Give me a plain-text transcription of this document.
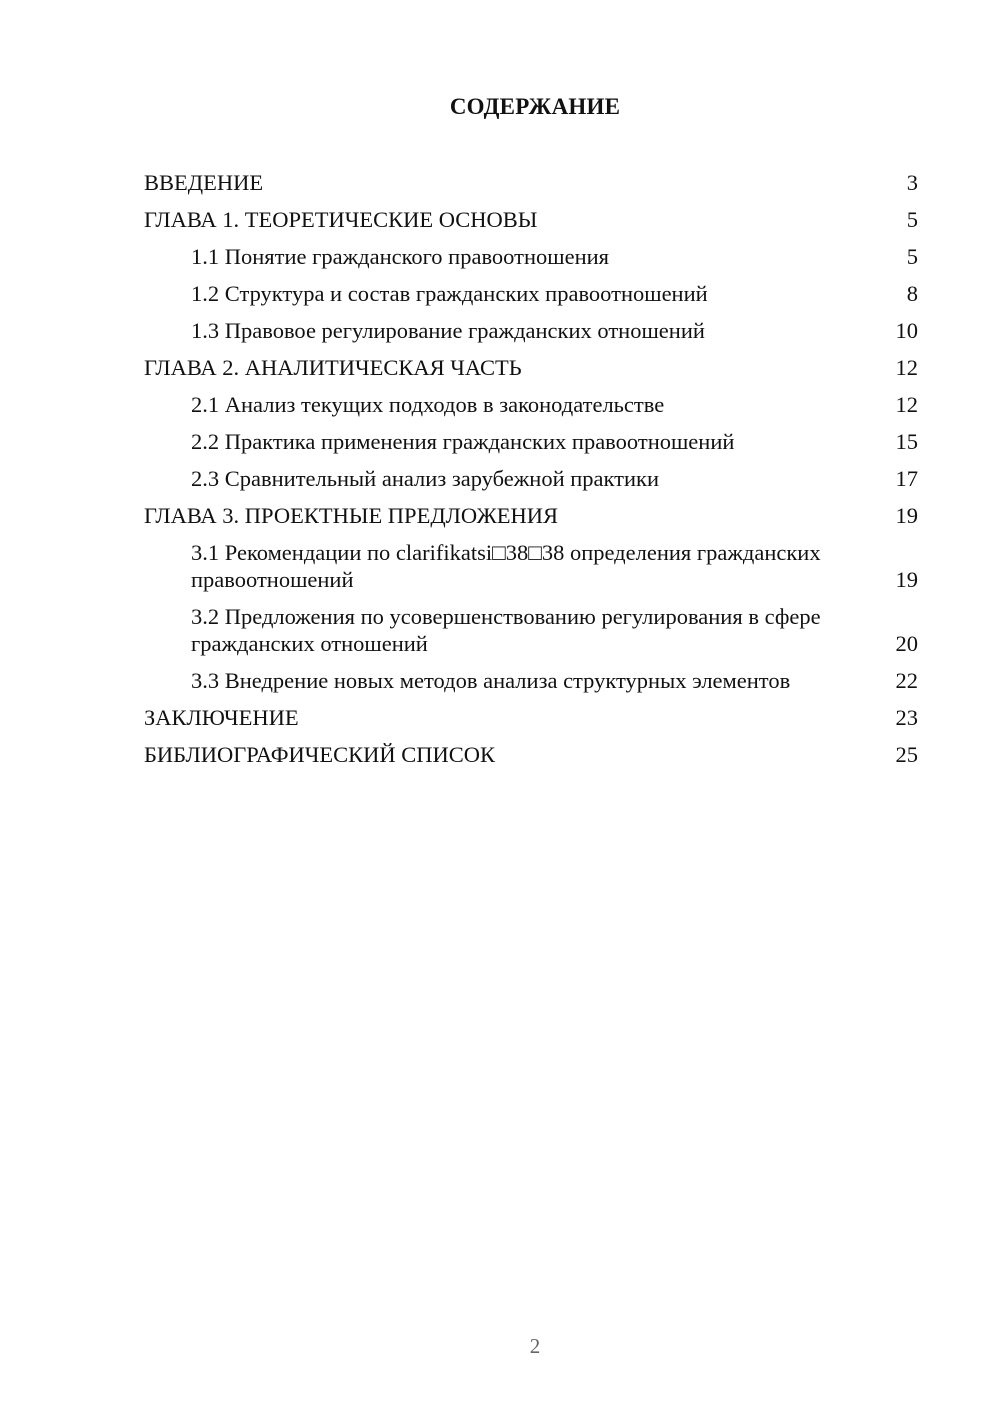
СОДЕРЖАНИЕ
ВВЕДЕНИЕ	3
ГЛАВА 1. ТЕОРЕТИЧЕСКИЕ ОСНОВЫ	5
1.1 Понятие гражданского правоотношения	5
1.2 Структура и состав гражданских правоотношений	8
1.3 Правовое регулирование гражданских отношений	10
ГЛАВА 2. АНАЛИТИЧЕСКАЯ ЧАСТЬ	12
2.1 Анализ текущих подходов в законодательстве	12
2.2 Практика применения гражданских правоотношений	15
2.3 Сравнительный анализ зарубежной практики	17
ГЛАВА 3. ПРОЕКТНЫЕ ПРЕДЛОЖЕНИЯ	19
3.1 Рекомендации по clarifikatsi□38□38 определения гражданских правоотношений	19
3.2 Предложения по усовершенствованию регулирования в сфере гражданских отношений	20
3.3 Внедрение новых методов анализа структурных элементов	22
ЗАКЛЮЧЕНИЕ	23
БИБЛИОГРАФИЧЕСКИЙ СПИСОК	25
2
